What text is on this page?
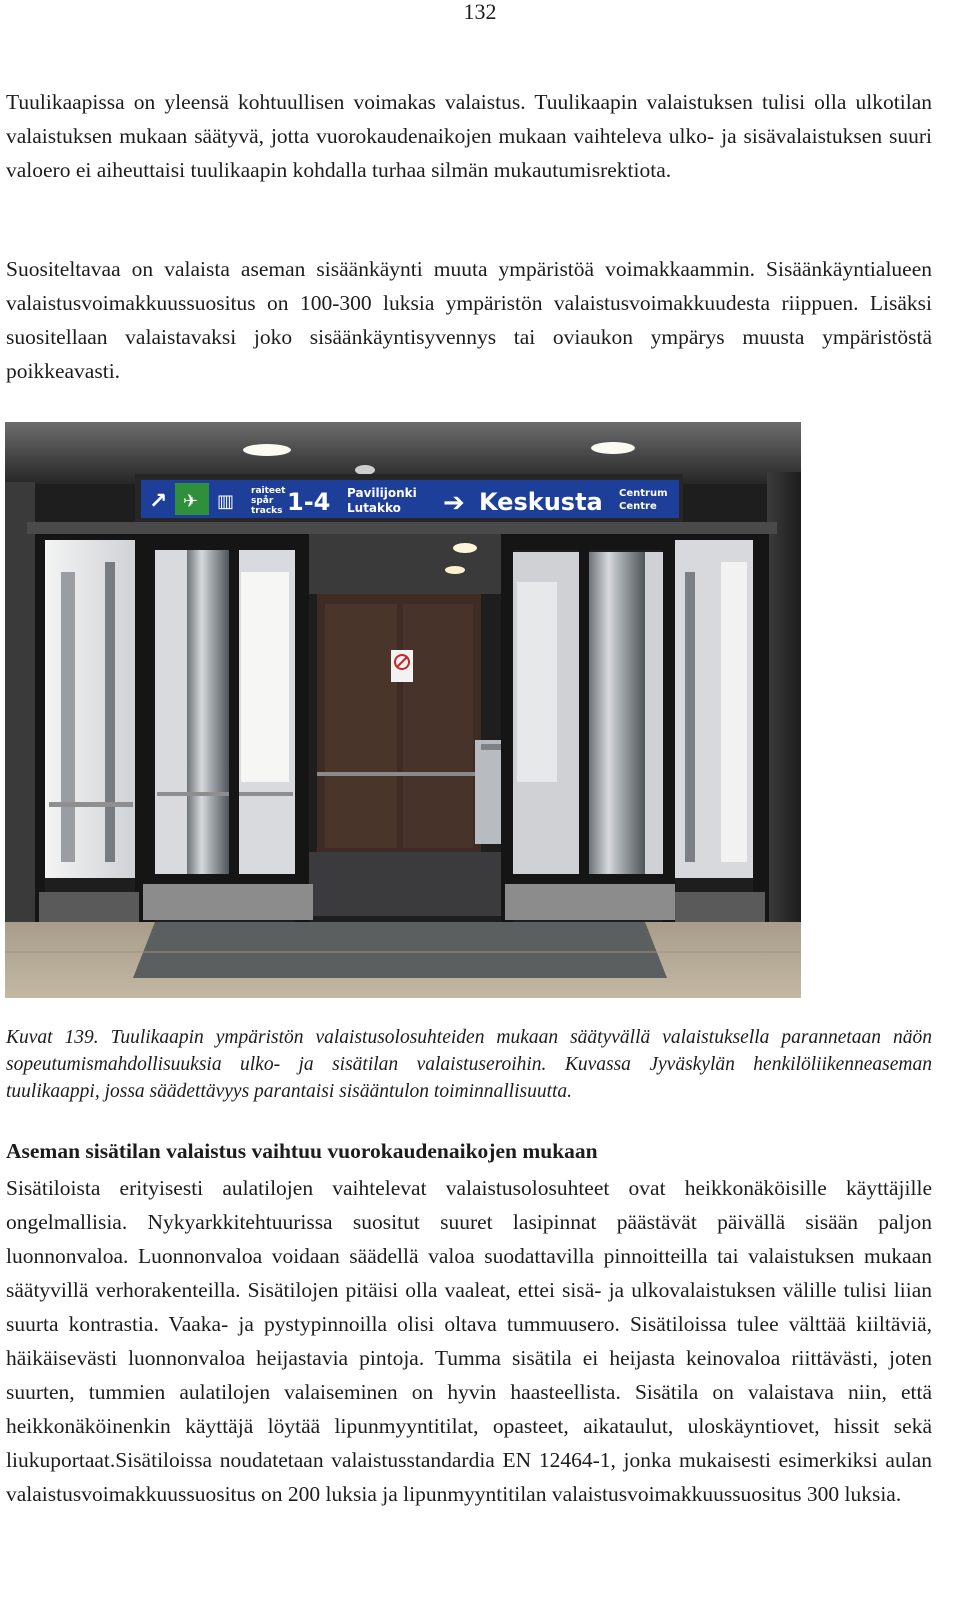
132

Tuulikaapissa on yleensä kohtuullisen voimakas valaistus. Tuulikaapin valaistuksen tulisi olla ulkotilan valaistuksen mukaan säätyvä, jotta vuorokaudenaikojen mukaan vaihteleva ulko- ja sisävalaistuksen suuri valoero ei aiheuttaisi tuulikaapin kohdalla turhaa silmän mukautumisrektiota.

Suositeltavaa on valaista aseman sisäänkäynti muuta ympäristöä voimakkaammin. Sisäänkäyntialueen valaistusvoimakkuussuositus on 100-300 luksia ympäristön valaistusvoimakkuudesta riippuen. Lisäksi suositellaan valaistavaksi joko sisäänkäyntisyvennys tai oviaukon ympärys muusta ympäristöstä poikkeavasti.

↗ ✈ ▥ raiteet
spår
tracks 1-4 Pavilijonki
Lutakko ➔ Keskusta Centrum
Centre

Kuvat 139. Tuulikaapin ympäristön valaistusolosuhteiden mukaan säätyvällä valaistuksella parannetaan näön sopeutumismahdollisuuksia ulko- ja sisätilan valaistuseroihin. Kuvassa Jyväskylän henkilöliikenneaseman tuulikaappi, jossa säädettävyys parantaisi sisääntulon toiminnallisuutta.

Aseman sisätilan valaistus vaihtuu vuorokaudenaikojen mukaan

Sisätiloista erityisesti aulatilojen vaihtelevat valaistusolosuhteet ovat heikkonäköisille käyttäjille ongelmallisia. Nykyarkkitehtuurissa suositut suuret lasipinnat päästävät päivällä sisään paljon luonnonvaloa. Luonnonvaloa voidaan säädellä valoa suodattavilla pinnoitteilla tai valaistuksen mukaan säätyvillä verhorakenteilla. Sisätilojen pitäisi olla vaaleat, ettei sisä- ja ulkovalaistuksen välille tulisi liian suurta kontrastia. Vaaka- ja pystypinnoilla olisi oltava tummuusero. Sisätiloissa tulee välttää kiiltäviä, häikäisevästi luonnonvaloa heijastavia pintoja. Tumma sisätila ei heijasta keinovaloa riittävästi, joten suurten, tummien aulatilojen valaiseminen on hyvin haasteellista. Sisätila on valaistava niin, että heikkonäköinenkin käyttäjä löytää lipunmyyntitilat, opasteet, aikataulut, uloskäyntiovet, hissit sekä liukuportaat.Sisätiloissa noudatetaan valaistusstandardia EN 12464-1, jonka mukaisesti esimerkiksi aulan valaistusvoimakkuussuositus on 200 luksia ja lipunmyyntitilan valaistusvoimakkuussuositus 300 luksia.
